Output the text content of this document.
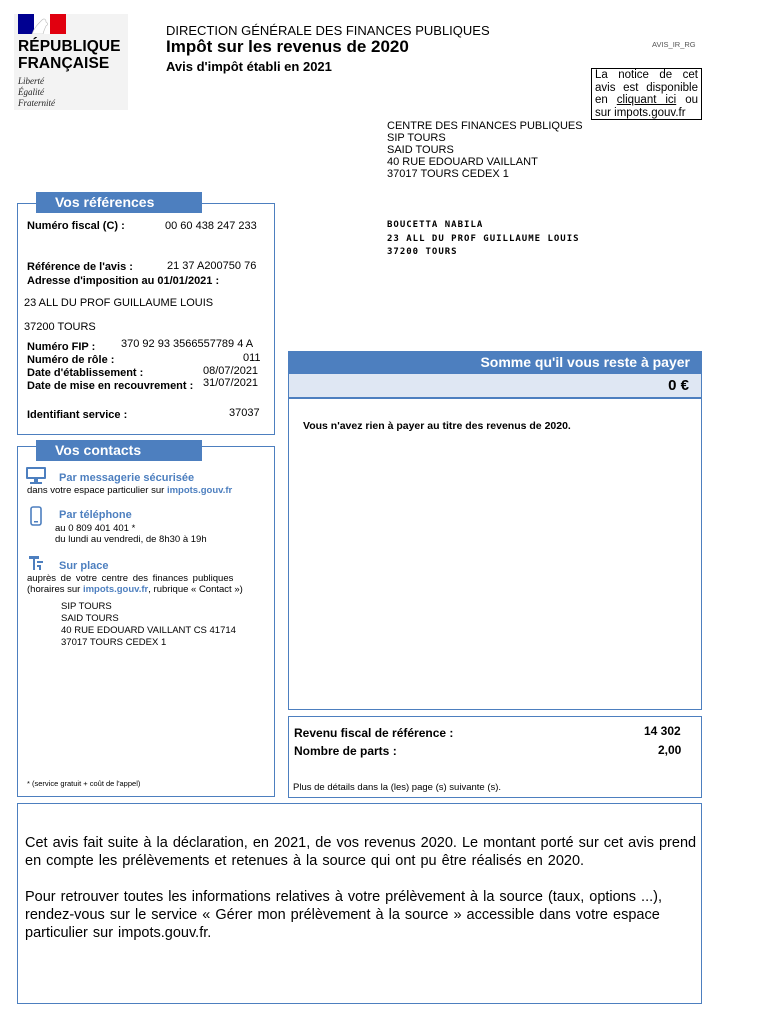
RÉPUBLIQUE
FRANÇAISE
Liberté
Égalité
Fraternité
DIRECTION GÉNÉRALE DES FINANCES PUBLIQUES
Impôt sur les revenus de 2020
Avis d'impôt établi en 2021
AVIS_IR_RG
La notice de cet
avis est disponible
en cliquant ici ou
sur impots.gouv.fr
CENTRE DES FINANCES PUBLIQUES
SIP TOURS
SAID TOURS
40 RUE EDOUARD VAILLANT
37017 TOURS CEDEX 1
BOUCETTA NABILA
23 ALL DU PROF GUILLAUME LOUIS
37200 TOURS
Numéro fiscal (C) :	00 60 438 247 233
Référence de l'avis :	21 37 A200750 76
Adresse d'imposition au 01/01/2021 :
23 ALL DU PROF GUILLAUME LOUIS
37200 TOURS
Numéro FIP : 370 92 93 3566557789 4 A
Numéro de rôle :	011
Date d'établissement :	08/07/2021
Date de mise en recouvrement : 31/07/2021
Identifiant service :	37037
Vos références
Par messagerie sécurisée
dans votre espace particulier sur impots.gouv.fr
Par téléphone
au 0 809 401 401 *
du lundi au vendredi, de 8h30 à 19h
Sur place
auprès de votre centre des finances publiques
(horaires sur impots.gouv.fr, rubrique « Contact »)
SIP TOURS
SAID TOURS
40 RUE EDOUARD VAILLANT CS 41714
37017 TOURS CEDEX 1
* (service gratuit + coût de l'appel)
Vos contacts
Somme qu'il vous reste à payer
0 €
Vous n'avez rien à payer au titre des revenus de 2020.
Revenu fiscal de référence :	14 302
Nombre de parts :	2,00
Plus de détails dans la (les) page (s) suivante (s).

Cet avis fait suite à la déclaration, en 2021, de vos revenus 2020. Le montant porté sur cet avis prend en compte les prélèvements et retenues à la source qui ont pu être réalisés en 2020.

Pour retrouver toutes les informations relatives à votre prélèvement à la source (taux, options ...), rendez-vous sur le service « Gérer mon prélèvement à la source » accessible dans votre espace particulier sur impots.gouv.fr.
